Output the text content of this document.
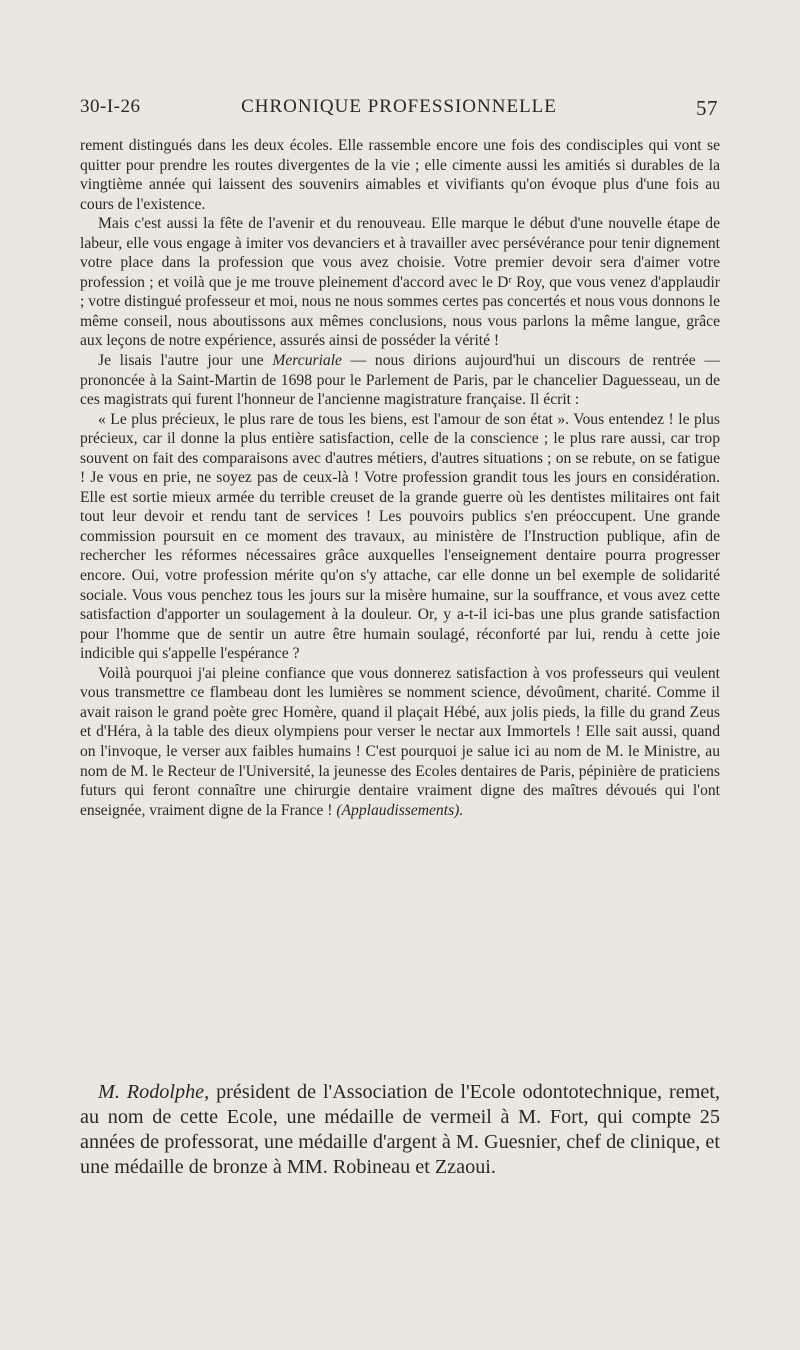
30-I-26	CHRONIQUE PROFESSIONNELLE	57

rement distingués dans les deux écoles. Elle rassemble encore une fois des condisciples qui vont se quitter pour prendre les routes divergentes de la vie ; elle cimente aussi les amitiés si durables de la vingtième année qui laissent des souvenirs aimables et vivifiants qu'on évoque plus d'une fois au cours de l'existence.

Mais c'est aussi la fête de l'avenir et du renouveau. Elle marque le début d'une nouvelle étape de labeur, elle vous engage à imiter vos devanciers et à travailler avec persévérance pour tenir dignement votre place dans la profession que vous avez choisie. Votre premier devoir sera d'aimer votre profession ; et voilà que je me trouve pleinement d'accord avec le Dʳ Roy, que vous venez d'applaudir ; votre distingué professeur et moi, nous ne nous sommes certes pas concertés et nous vous donnons le même conseil, nous aboutissons aux mêmes conclusions, nous vous parlons la même langue, grâce aux leçons de notre expérience, assurés ainsi de posséder la vérité !

Je lisais l'autre jour une Mercuriale — nous dirions aujourd'hui un discours de rentrée — prononcée à la Saint-Martin de 1698 pour le Parlement de Paris, par le chancelier Daguesseau, un de ces magistrats qui furent l'honneur de l'ancienne magistrature française. Il écrit :

« Le plus précieux, le plus rare de tous les biens, est l'amour de son état ». Vous entendez ! le plus précieux, car il donne la plus entière satisfaction, celle de la conscience ; le plus rare aussi, car trop souvent on fait des comparaisons avec d'autres métiers, d'autres situations ; on se rebute, on se fatigue ! Je vous en prie, ne soyez pas de ceux-là ! Votre profession grandit tous les jours en considération. Elle est sortie mieux armée du terrible creuset de la grande guerre où les dentistes militaires ont fait tout leur devoir et rendu tant de services ! Les pouvoirs publics s'en préoccupent. Une grande commission poursuit en ce moment des travaux, au ministère de l'Instruction publique, afin de rechercher les réformes nécessaires grâce auxquelles l'enseignement dentaire pourra progresser encore. Oui, votre profession mérite qu'on s'y attache, car elle donne un bel exemple de solidarité sociale. Vous vous penchez tous les jours sur la misère humaine, sur la souffrance, et vous avez cette satisfaction d'apporter un soulagement à la douleur. Or, y a-t-il ici-bas une plus grande satisfaction pour l'homme que de sentir un autre être humain soulagé, réconforté par lui, rendu à cette joie indicible qui s'appelle l'espérance ?

Voilà pourquoi j'ai pleine confiance que vous donnerez satisfaction à vos professeurs qui veulent vous transmettre ce flambeau dont les lumières se nomment science, dévoûment, charité. Comme il avait raison le grand poète grec Homère, quand il plaçait Hébé, aux jolis pieds, la fille du grand Zeus et d'Héra, à la table des dieux olympiens pour verser le nectar aux Immortels ! Elle sait aussi, quand on l'invoque, le verser aux faibles humains ! C'est pourquoi je salue ici au nom de M. le Ministre, au nom de M. le Recteur de l'Université, la jeunesse des Ecoles dentaires de Paris, pépinière de praticiens futurs qui feront connaître une chirurgie dentaire vraiment digne des maîtres dévoués qui l'ont enseignée, vraiment digne de la France ! (Applaudissements).

M. Rodolphe, président de l'Association de l'Ecole odontotechnique, remet, au nom de cette Ecole, une médaille de vermeil à M. Fort, qui compte 25 années de professorat, une médaille d'argent à M. Guesnier, chef de clinique, et une médaille de bronze à MM. Robineau et Zzaoui.
